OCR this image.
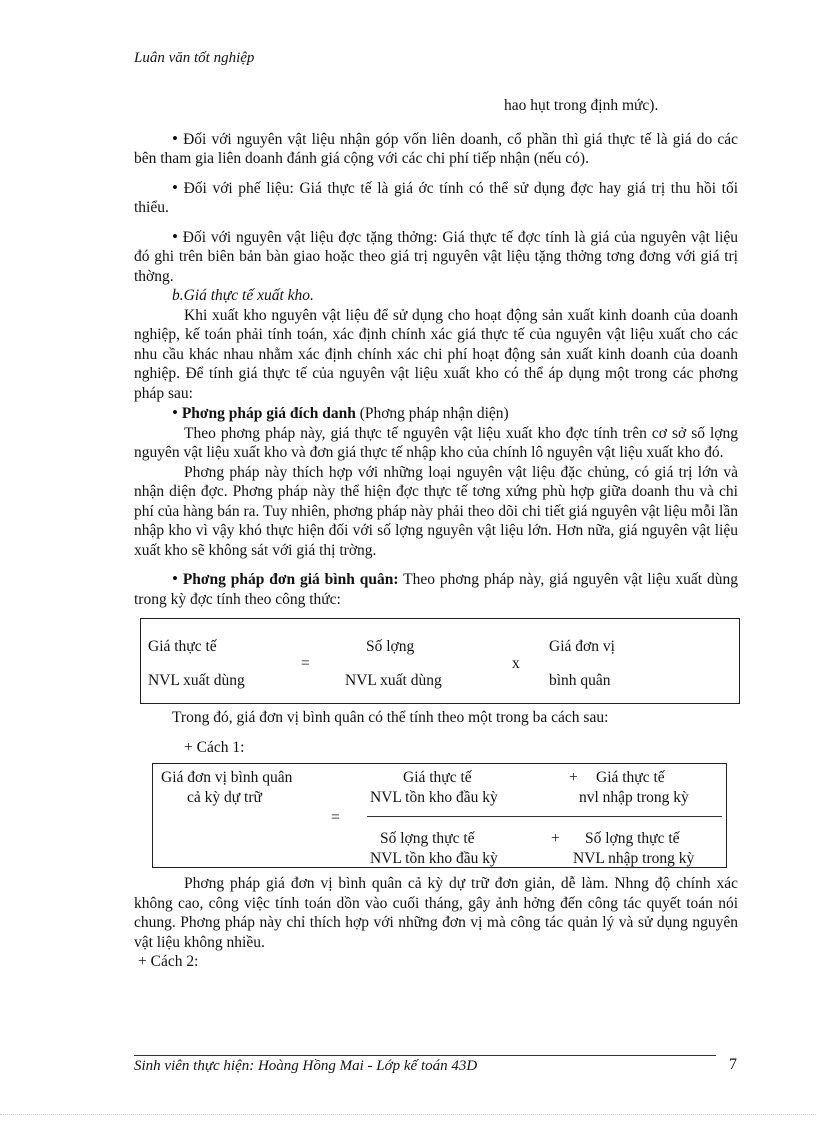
Luân văn tốt nghiệp

hao hụt trong định mức).

• Đối với nguyên vật liệu nhận góp vốn liên doanh, cổ phần thì giá thực tế là giá do các bên tham gia liên doanh đánh giá cộng với các chi phí tiếp nhận (nếu có).

• Đối với phế liệu: Giá thực tế là giá ớc tính có thể sử dụng đợc hay giá trị thu hồi tối thiểu.

• Đối với nguyên vật liệu đợc tặng thởng: Giá thực tế đợc tính là giá của nguyên vật liệu đó ghi trên biên bản bàn giao hoặc theo giá trị nguyên vật liệu tặng thởng tơng đơng với giá trị thờng.

b.Giá thực tế xuất kho.

Khi xuất kho nguyên vật liệu để sử dụng cho hoạt động sản xuất kinh doanh của doanh nghiệp, kế toán phải tính toán, xác định chính xác giá thực tế của nguyên vật liệu xuất cho các nhu cầu khác nhau nhằm xác định chính xác chi phí hoạt động sản xuất kinh doanh của doanh nghiệp. Để tính giá thực tế của nguyên vật liệu xuất kho có thể áp dụng một trong các phơng pháp sau:

• Phơng pháp giá đích danh (Phơng pháp nhận diện)

Theo phơng pháp này, giá thực tế nguyên vật liệu xuất kho đợc tính trên cơ sở số lợng nguyên vật liệu xuất kho và đơn giá thực tế nhập kho của chính lô nguyên vật liệu xuất kho đó.

Phơng pháp này thích hợp với những loại nguyên vật liệu đặc chủng, có giá trị lớn và nhận diện đợc. Phơng pháp này thể hiện đợc thực tế tơng xứng phù hợp giữa doanh thu và chi phí của hàng bán ra. Tuy nhiên, phơng pháp này phải theo dõi chi tiết giá nguyên vật liệu mỗi lần nhập kho vì vậy khó thực hiện đối với số lợng nguyên vật liệu lớn. Hơn nữa, giá nguyên vật liệu xuất kho sẽ không sát với giá thị trờng.

• Phơng pháp đơn giá bình quân: Theo phơng pháp này, giá nguyên vật liệu xuất dùng trong kỳ đợc tính theo công thức:

Giá thực tế
NVL xuất dùng
=
Số lợng
NVL xuất dùng
x
Giá đơn vị
bình quân

Trong đó, giá đơn vị bình quân có thể tính theo một trong ba cách sau:

+ Cách 1:

Giá đơn vị bình quân
cả kỳ dự trữ
=
Giá thực tế
NVL tồn kho đầu kỳ
+ Giá thực tế
nvl nhập trong kỳ
Số lợng thực tế
NVL tồn kho đầu kỳ
+ Số lợng thực tế
NVL nhập trong kỳ

Phơng pháp giá đơn vị bình quân cả kỳ dự trữ đơn giản, dễ làm. Nhng độ chính xác không cao, công việc tính toán dồn vào cuối tháng, gây ảnh hởng đến công tác quyết toán nói chung. Phơng pháp này chỉ thích hợp với những đơn vị mà công tác quản lý và sử dụng nguyên vật liệu không nhiều.

+ Cách 2:

Sinh viên thực hiện: Hoàng Hồng Mai - Lớp kế toán 43D	7
